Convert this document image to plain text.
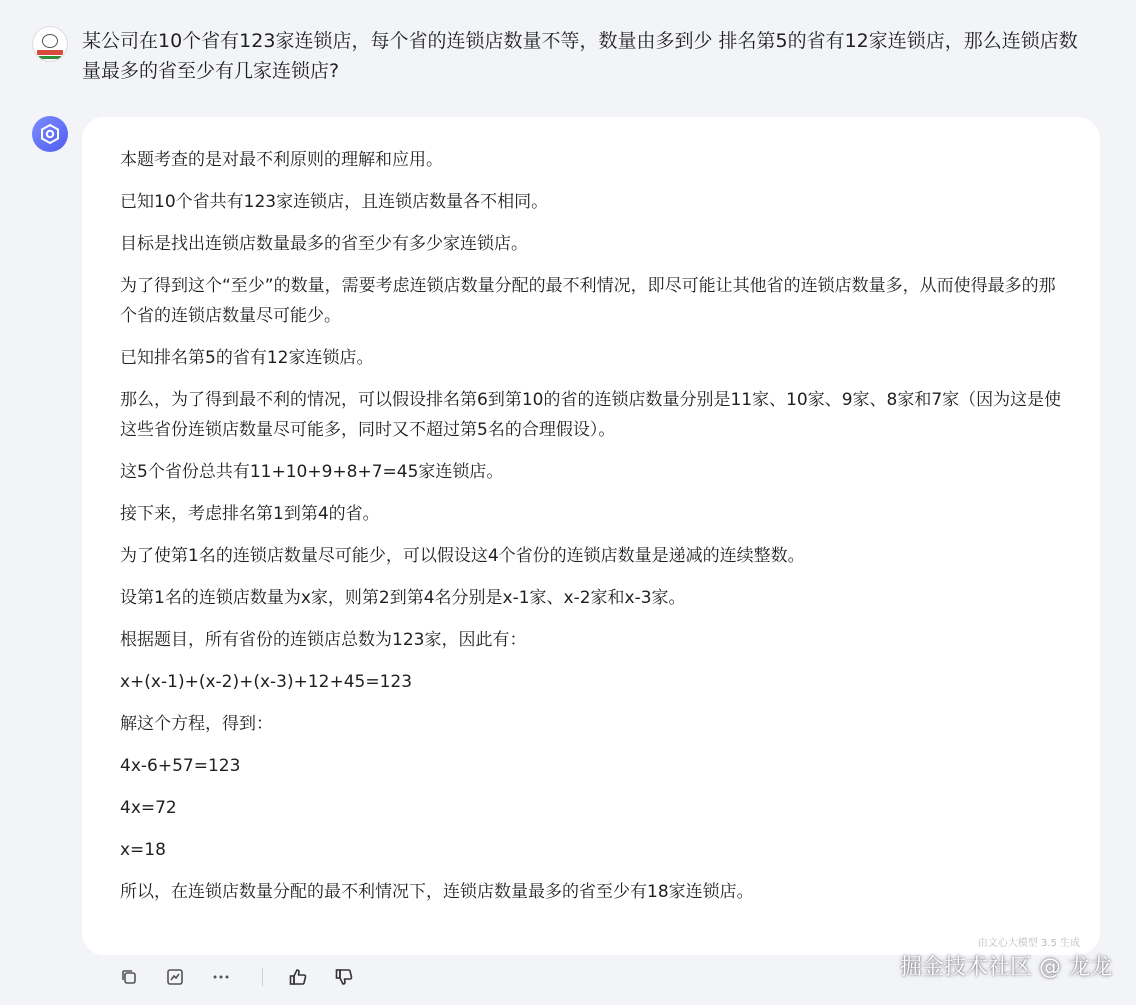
某公司在10个省有123家连锁店，每个省的连锁店数量不等，数量由多到少 排名第5的省有12家连锁店，那么连锁店数量最多的省至少有几家连锁店?

本题考查的是对最不利原则的理解和应用。

已知10个省共有123家连锁店，且连锁店数量各不相同。

目标是找出连锁店数量最多的省至少有多少家连锁店。

为了得到这个“至少”的数量，需要考虑连锁店数量分配的最不利情况，即尽可能让其他省的连锁店数量多，从而使得最多的那个省的连锁店数量尽可能少。

已知排名第5的省有12家连锁店。

那么，为了得到最不利的情况，可以假设排名第6到第10的省的连锁店数量分别是11家、10家、9家、8家和7家（因为这是使这些省份连锁店数量尽可能多，同时又不超过第5名的合理假设）。

这5个省份总共有11+10+9+8+7=45家连锁店。

接下来，考虑排名第1到第4的省。

为了使第1名的连锁店数量尽可能少，可以假设这4个省份的连锁店数量是递减的连续整数。

设第1名的连锁店数量为x家，则第2到第4名分别是x-1家、x-2家和x-3家。

根据题目，所有省份的连锁店总数为123家，因此有：

x+(x-1)+(x-2)+(x-3)+12+45=123

解这个方程，得到：

4x-6+57=123

4x=72

x=18

所以，在连锁店数量分配的最不利情况下，连锁店数量最多的省至少有18家连锁店。

由文心大模型 3.5 生成
掘金技术社区 @ 龙龙
